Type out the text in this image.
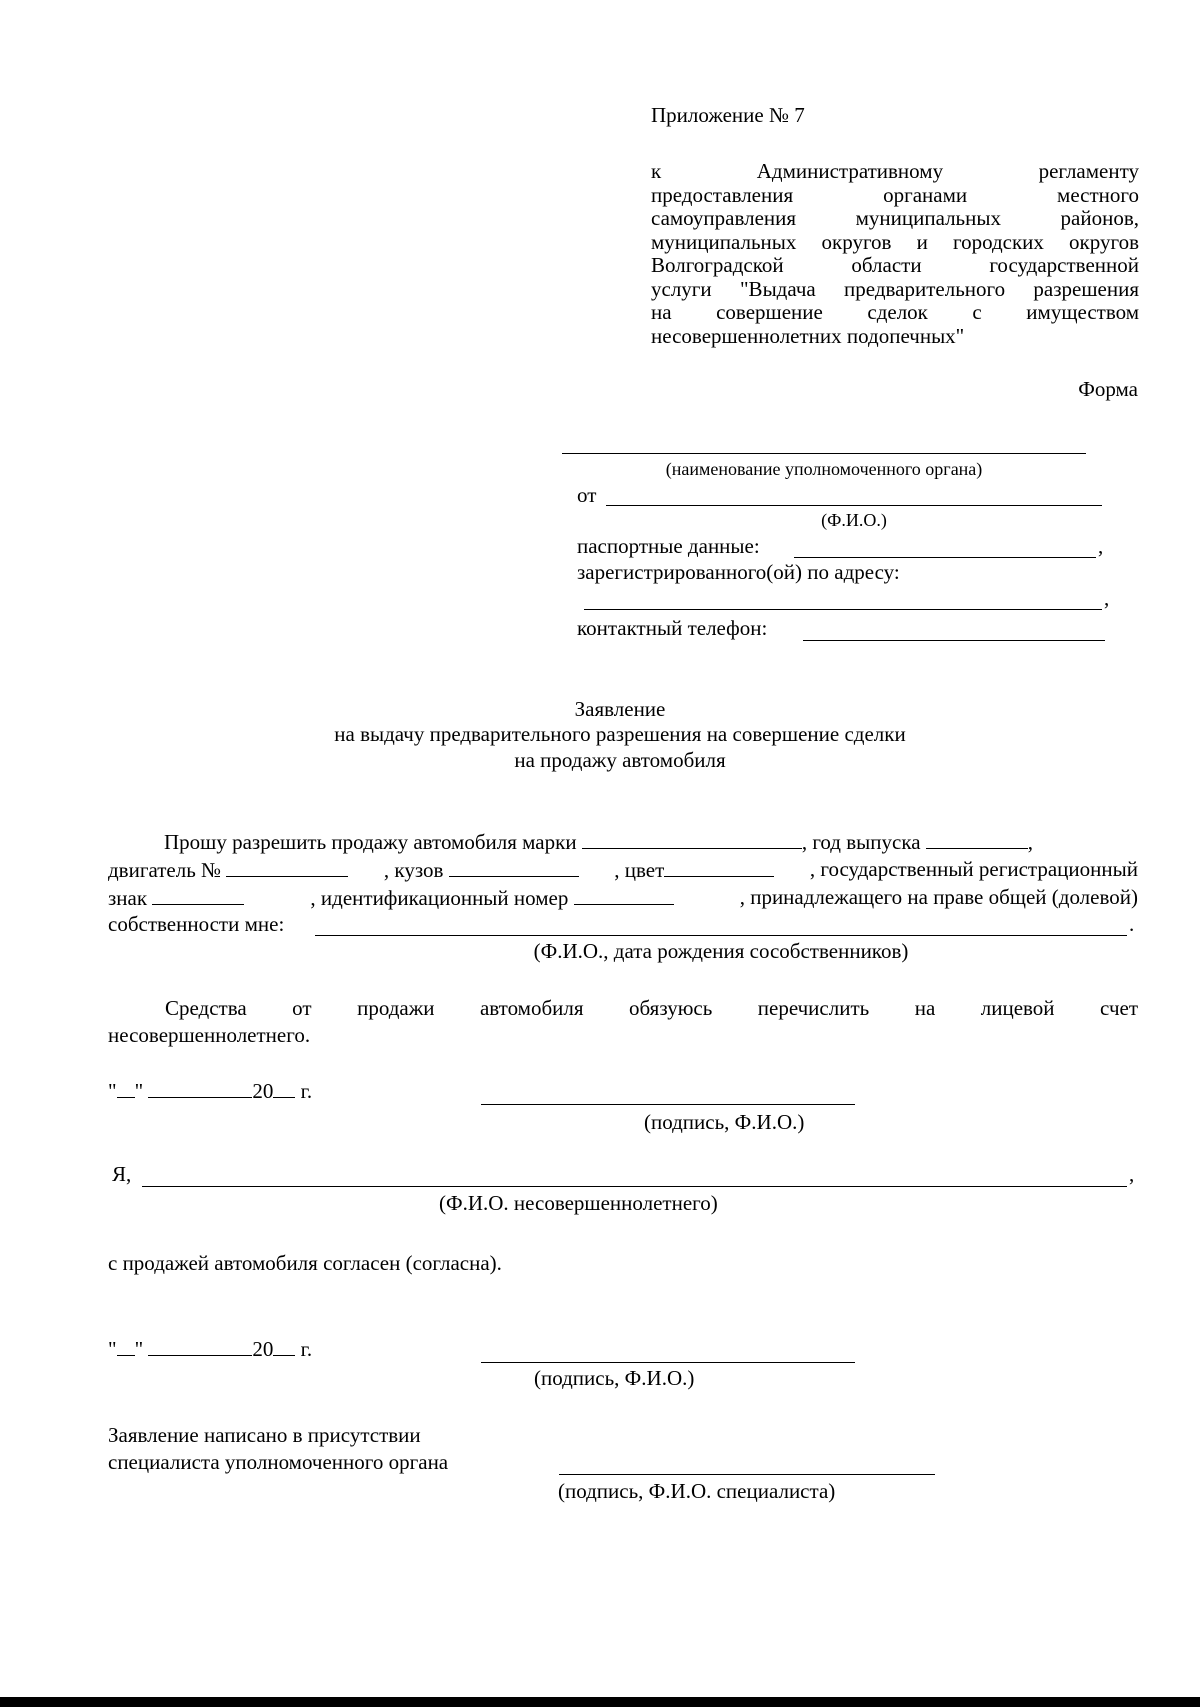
Приложение № 7
к Административному регламенту
предоставления органами местного
самоуправления муниципальных районов,
муниципальных округов и городских округов
Волгоградской области государственной
услуги "Выдача предварительного разрешения
на совершение сделок с имуществом
несовершеннолетних подопечных"
Форма
(наименование уполномоченного органа)
от
(Ф.И.О.)
паспортные данные:	,
зарегистрированного(ой) по адресу:
,
контактный телефон:
Заявление
на выдачу предварительного разрешения на совершение сделки
на продажу автомобиля
Прошу разрешить продажу автомобиля марки	, год выпуска	,
двигатель №	, кузов	, цвет	, государственный регистрационный
знак	, идентификационный номер	, принадлежащего на праве общей (долевой)
собственности мне:	.
(Ф.И.О., дата рождения сособственников)
Средства от продажи автомобиля обязуюсь перечислить на лицевой счет
несовершеннолетнего.
" "	20 г.
(подпись, Ф.И.О.)
Я,	,
(Ф.И.О. несовершеннолетнего)
с продажей автомобиля согласен (согласна).
" "	20 г.
(подпись, Ф.И.О.)
Заявление написано в присутствии
специалиста уполномоченного органа
(подпись, Ф.И.О. специалиста)
